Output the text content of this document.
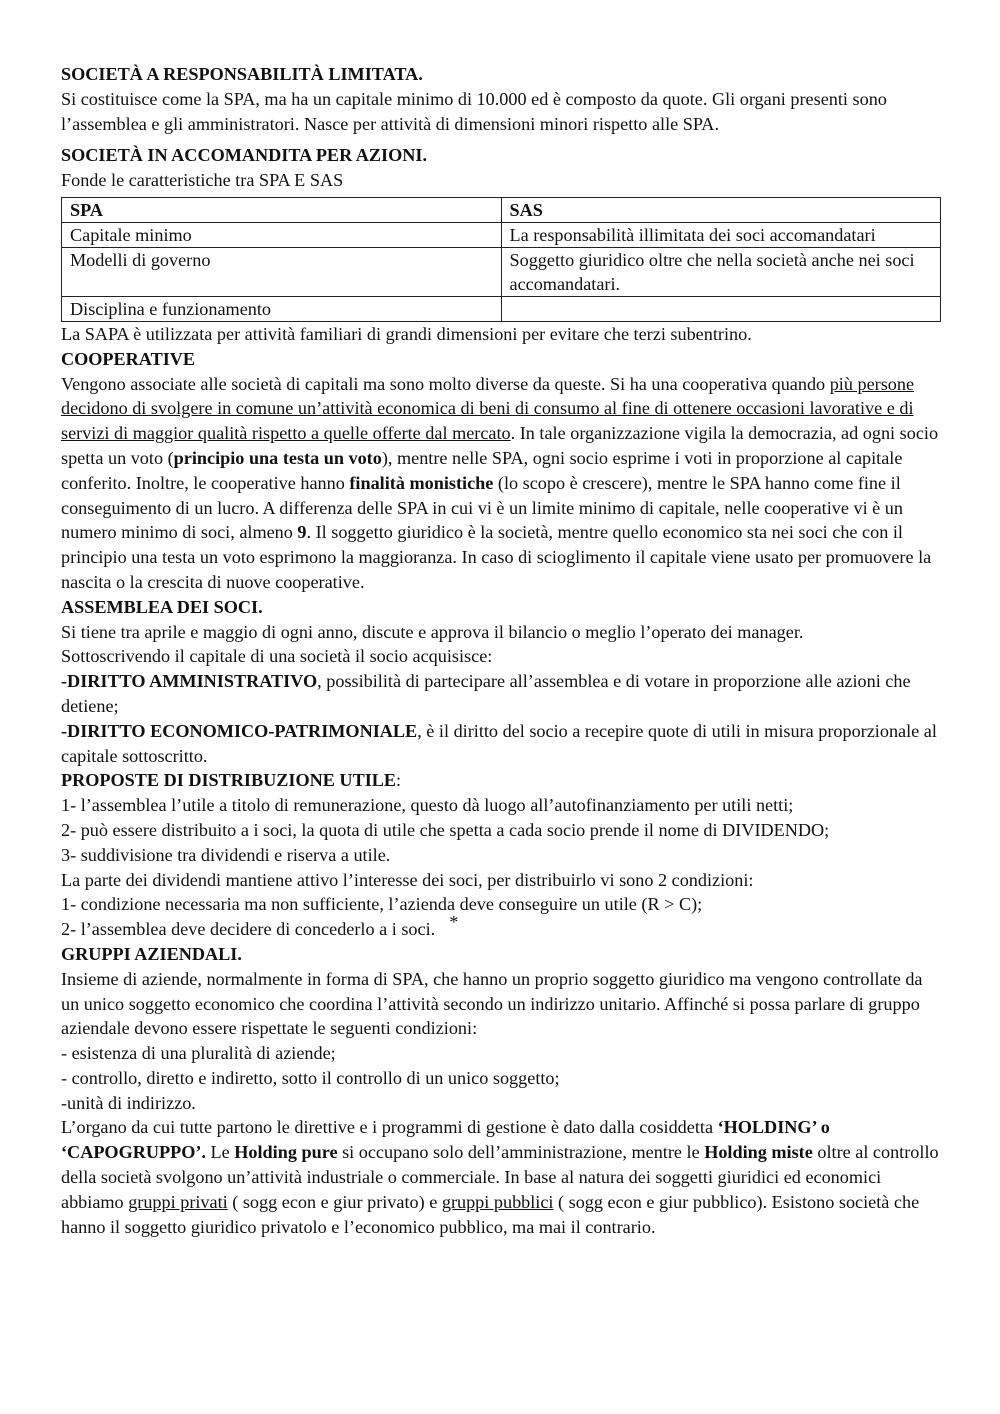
SOCIETÀ A RESPONSABILITÀ LIMITATA.

Si costituisce come la SPA, ma ha un capitale minimo di 10.000 ed è composto da quote. Gli organi presenti sono l’assemblea e gli amministratori. Nasce per attività di dimensioni minori rispetto alle SPA.

SOCIETÀ IN ACCOMANDITA PER AZIONI.

Fonde le caratteristiche tra SPA E SAS

SPA	SAS
Capitale minimo	La responsabilità illimitata dei soci accomandatari
Modelli di governo	Soggetto giuridico oltre che nella società anche nei soci accomandatari.
Disciplina e funzionamento	

La SAPA è utilizzata per attività familiari di grandi dimensioni per evitare che terzi subentrino.

COOPERATIVE

Vengono associate alle società di capitali ma sono molto diverse da queste. Si ha una cooperativa quando più persone decidono di svolgere in comune un’attività economica di beni di consumo al fine di ottenere occasioni lavorative e di servizi di maggior qualità rispetto a quelle offerte dal mercato. In tale organizzazione vigila la democrazia, ad ogni socio spetta un voto (principio una testa un voto), mentre nelle SPA, ogni socio esprime i voti in proporzione al capitale conferito. Inoltre, le cooperative hanno finalità monistiche (lo scopo è crescere), mentre le SPA hanno come fine il conseguimento di un lucro. A differenza delle SPA in cui vi è un limite minimo di capitale, nelle cooperative vi è un numero minimo di soci, almeno 9. Il soggetto giuridico è la società, mentre quello economico sta nei soci che con il principio una testa un voto esprimono la maggioranza. In caso di scioglimento il capitale viene usato per promuovere la nascita o la crescita di nuove cooperative.

ASSEMBLEA DEI SOCI.

Si tiene tra aprile e maggio di ogni anno, discute e approva il bilancio o meglio l’operato dei manager.

Sottoscrivendo il capitale di una società il socio acquisisce:

-DIRITTO AMMINISTRATIVO, possibilità di partecipare all’assemblea e di votare in proporzione alle azioni che detiene;

-DIRITTO ECONOMICO-PATRIMONIALE, è il diritto del socio a recepire quote di utili in misura proporzionale al capitale sottoscritto.

PROPOSTE DI DISTRIBUZIONE UTILE:

1- l’assemblea l’utile a titolo di remunerazione, questo dà luogo all’autofinanziamento per utili netti;

2- può essere distribuito a i soci, la quota di utile che spetta a cada socio prende il nome di DIVIDENDO;

3- suddivisione tra dividendi e riserva a utile.

La parte dei dividendi mantiene attivo l’interesse dei soci, per distribuirlo vi sono 2 condizioni:

1- condizione necessaria ma non sufficiente, l’azienda deve conseguire un utile (R > C);

2- l’assemblea deve decidere di concederlo a i soci. *

GRUPPI AZIENDALI.

Insieme di aziende, normalmente in forma di SPA, che hanno un proprio soggetto giuridico ma vengono controllate da un unico soggetto economico che coordina l’attività secondo un indirizzo unitario. Affinché si possa parlare di gruppo aziendale devono essere rispettate le seguenti condizioni:

- esistenza di una pluralità di aziende;

- controllo, diretto e indiretto, sotto il controllo di un unico soggetto;

-unità di indirizzo.

L’organo da cui tutte partono le direttive e i programmi di gestione è dato dalla cosiddetta ‘HOLDING’ o ‘CAPOGRUPPO’. Le Holding pure si occupano solo dell’amministrazione, mentre le Holding miste oltre al controllo della società svolgono un’attività industriale o commerciale. In base al natura dei soggetti giuridici ed economici abbiamo gruppi privati ( sogg econ e giur privato) e gruppi pubblici ( sogg econ e giur pubblico). Esistono società che hanno il soggetto giuridico privatolo e l’economico pubblico, ma mai il contrario.
